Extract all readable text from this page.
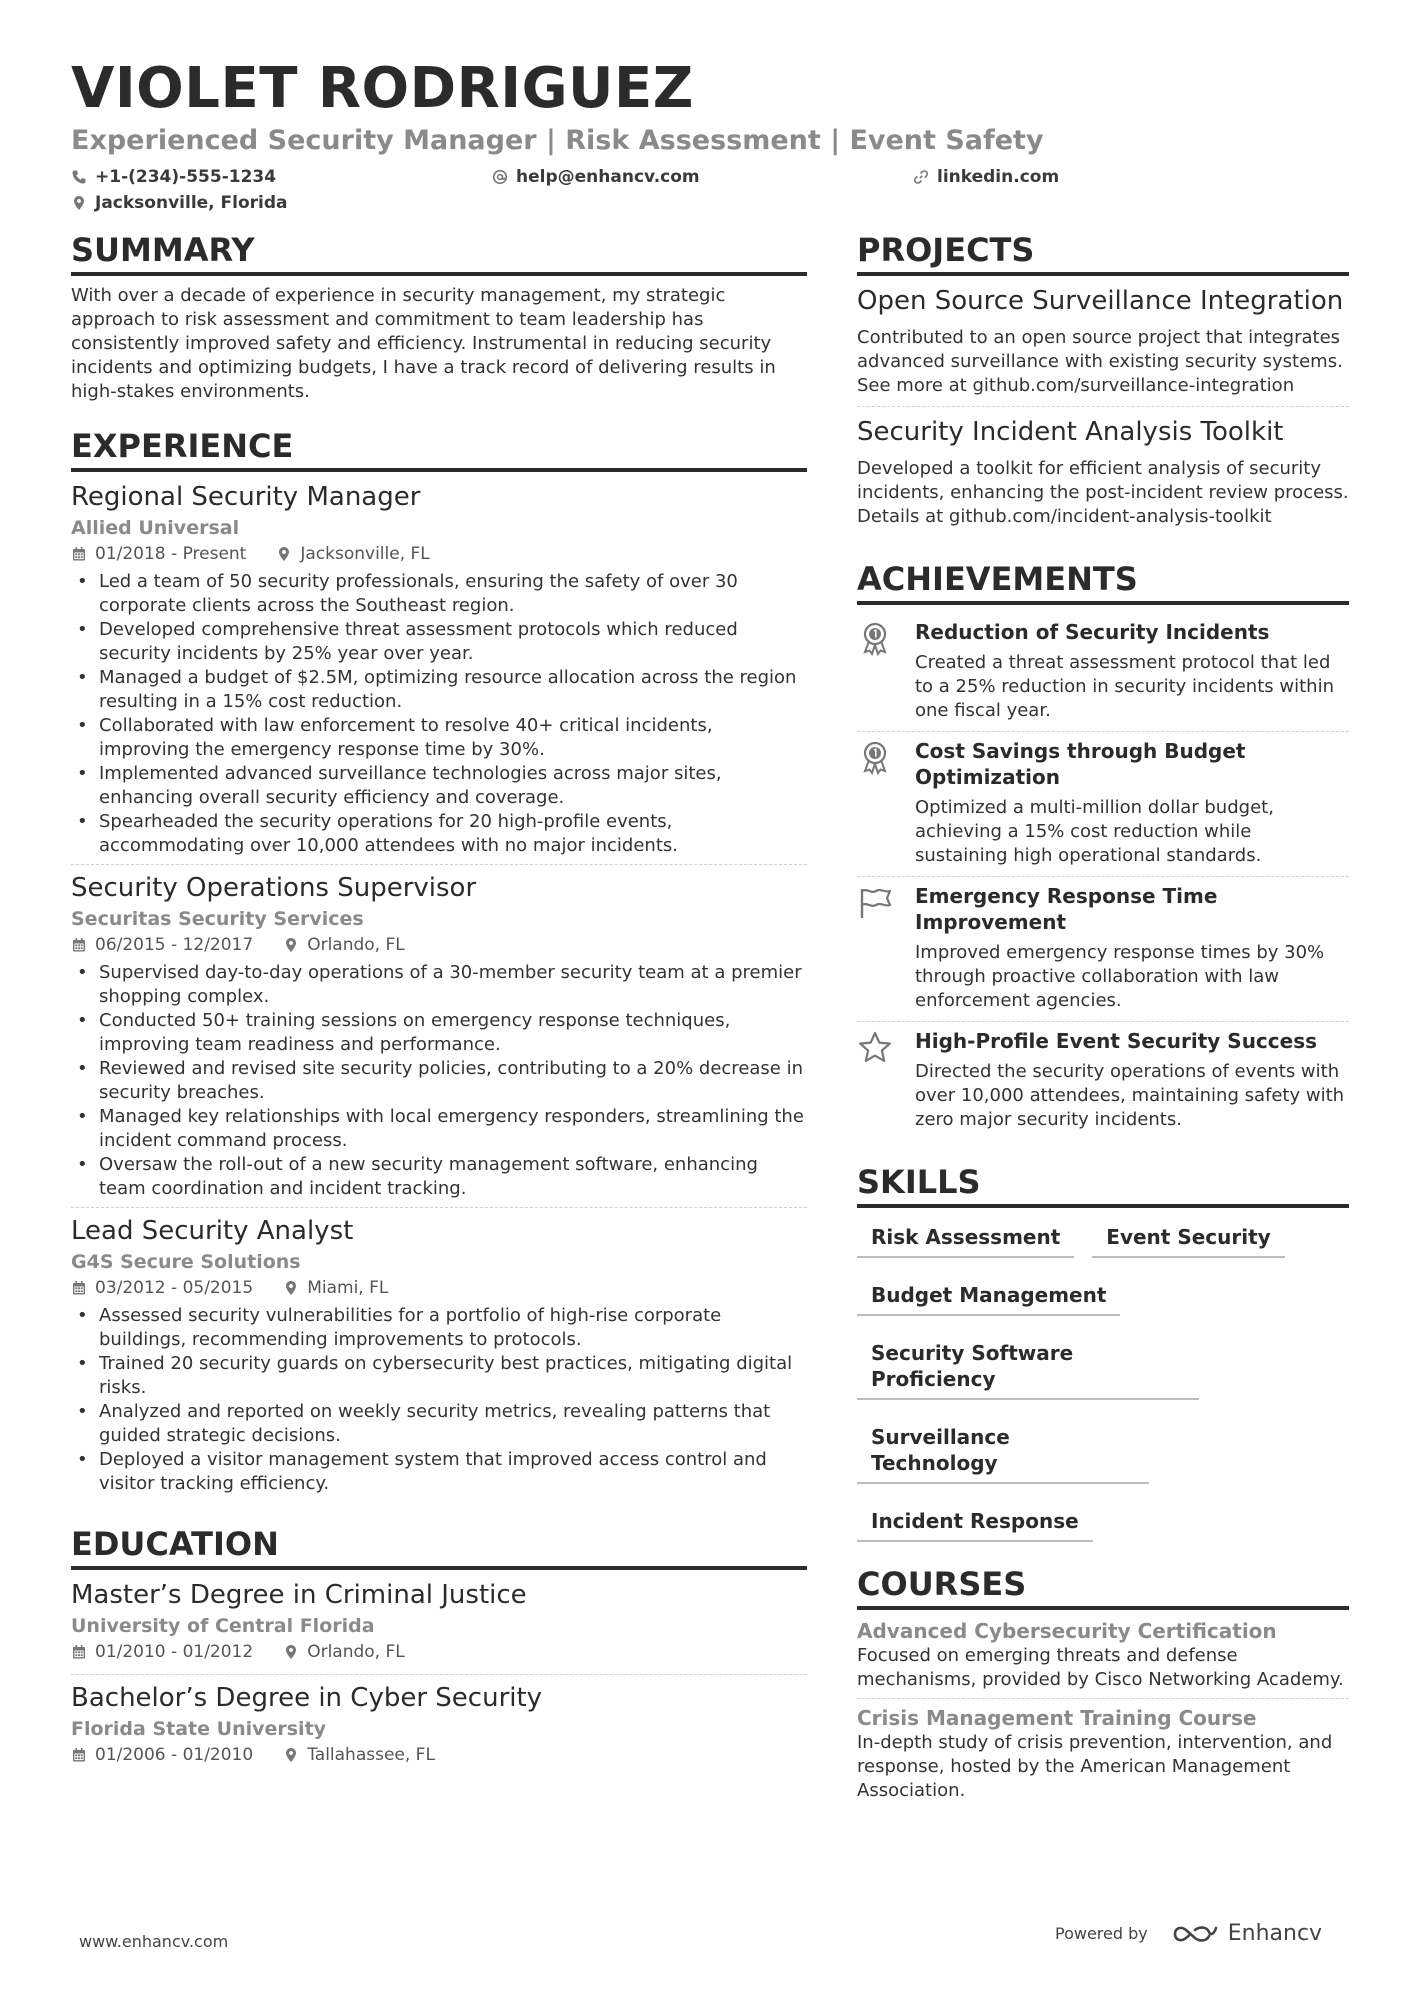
VIOLET RODRIGUEZ
Experienced Security Manager | Risk Assessment | Event Safety
+1-(234)-555-1234	help@enhancv.com	linkedin.com
Jacksonville, Florida
SUMMARY
With over a decade of experience in security management, my strategic approach to risk assessment and commitment to team leadership has consistently improved safety and efficiency. Instrumental in reducing security incidents and optimizing budgets, I have a track record of delivering results in high-stakes environments.
EXPERIENCE
Regional Security Manager
Allied Universal
01/2018 - Present	Jacksonville, FL
• Led a team of 50 security professionals, ensuring the safety of over 30 corporate clients across the Southeast region.
• Developed comprehensive threat assessment protocols which reduced security incidents by 25% year over year.
• Managed a budget of $2.5M, optimizing resource allocation across the region resulting in a 15% cost reduction.
• Collaborated with law enforcement to resolve 40+ critical incidents, improving the emergency response time by 30%.
• Implemented advanced surveillance technologies across major sites, enhancing overall security efficiency and coverage.
• Spearheaded the security operations for 20 high-profile events, accommodating over 10,000 attendees with no major incidents.
Security Operations Supervisor
Securitas Security Services
06/2015 - 12/2017	Orlando, FL
• Supervised day-to-day operations of a 30-member security team at a premier shopping complex.
• Conducted 50+ training sessions on emergency response techniques, improving team readiness and performance.
• Reviewed and revised site security policies, contributing to a 20% decrease in security breaches.
• Managed key relationships with local emergency responders, streamlining the incident command process.
• Oversaw the roll-out of a new security management software, enhancing team coordination and incident tracking.
Lead Security Analyst
G4S Secure Solutions
03/2012 - 05/2015	Miami, FL
• Assessed security vulnerabilities for a portfolio of high-rise corporate buildings, recommending improvements to protocols.
• Trained 20 security guards on cybersecurity best practices, mitigating digital risks.
• Analyzed and reported on weekly security metrics, revealing patterns that guided strategic decisions.
• Deployed a visitor management system that improved access control and visitor tracking efficiency.
EDUCATION
Master’s Degree in Criminal Justice
University of Central Florida
01/2010 - 01/2012	Orlando, FL
Bachelor’s Degree in Cyber Security
Florida State University
01/2006 - 01/2010	Tallahassee, FL
PROJECTS
Open Source Surveillance Integration
Contributed to an open source project that integrates advanced surveillance with existing security systems. See more at github.com/surveillance-integration
Security Incident Analysis Toolkit
Developed a toolkit for efficient analysis of security incidents, enhancing the post-incident review process. Details at github.com/incident-analysis-toolkit
ACHIEVEMENTS
Reduction of Security Incidents
Created a threat assessment protocol that led to a 25% reduction in security incidents within one fiscal year.
Cost Savings through Budget Optimization
Optimized a multi-million dollar budget, achieving a 15% cost reduction while sustaining high operational standards.
Emergency Response Time Improvement
Improved emergency response times by 30% through proactive collaboration with law enforcement agencies.
High-Profile Event Security Success
Directed the security operations of events with over 10,000 attendees, maintaining safety with zero major security incidents.
SKILLS
Risk Assessment	Event Security
Budget Management
Security Software Proficiency
Surveillance Technology
Incident Response
COURSES
Advanced Cybersecurity Certification
Focused on emerging threats and defense mechanisms, provided by Cisco Networking Academy.
Crisis Management Training Course
In-depth study of crisis prevention, intervention, and response, hosted by the American Management Association.
www.enhancv.com	Powered by	Enhancv
